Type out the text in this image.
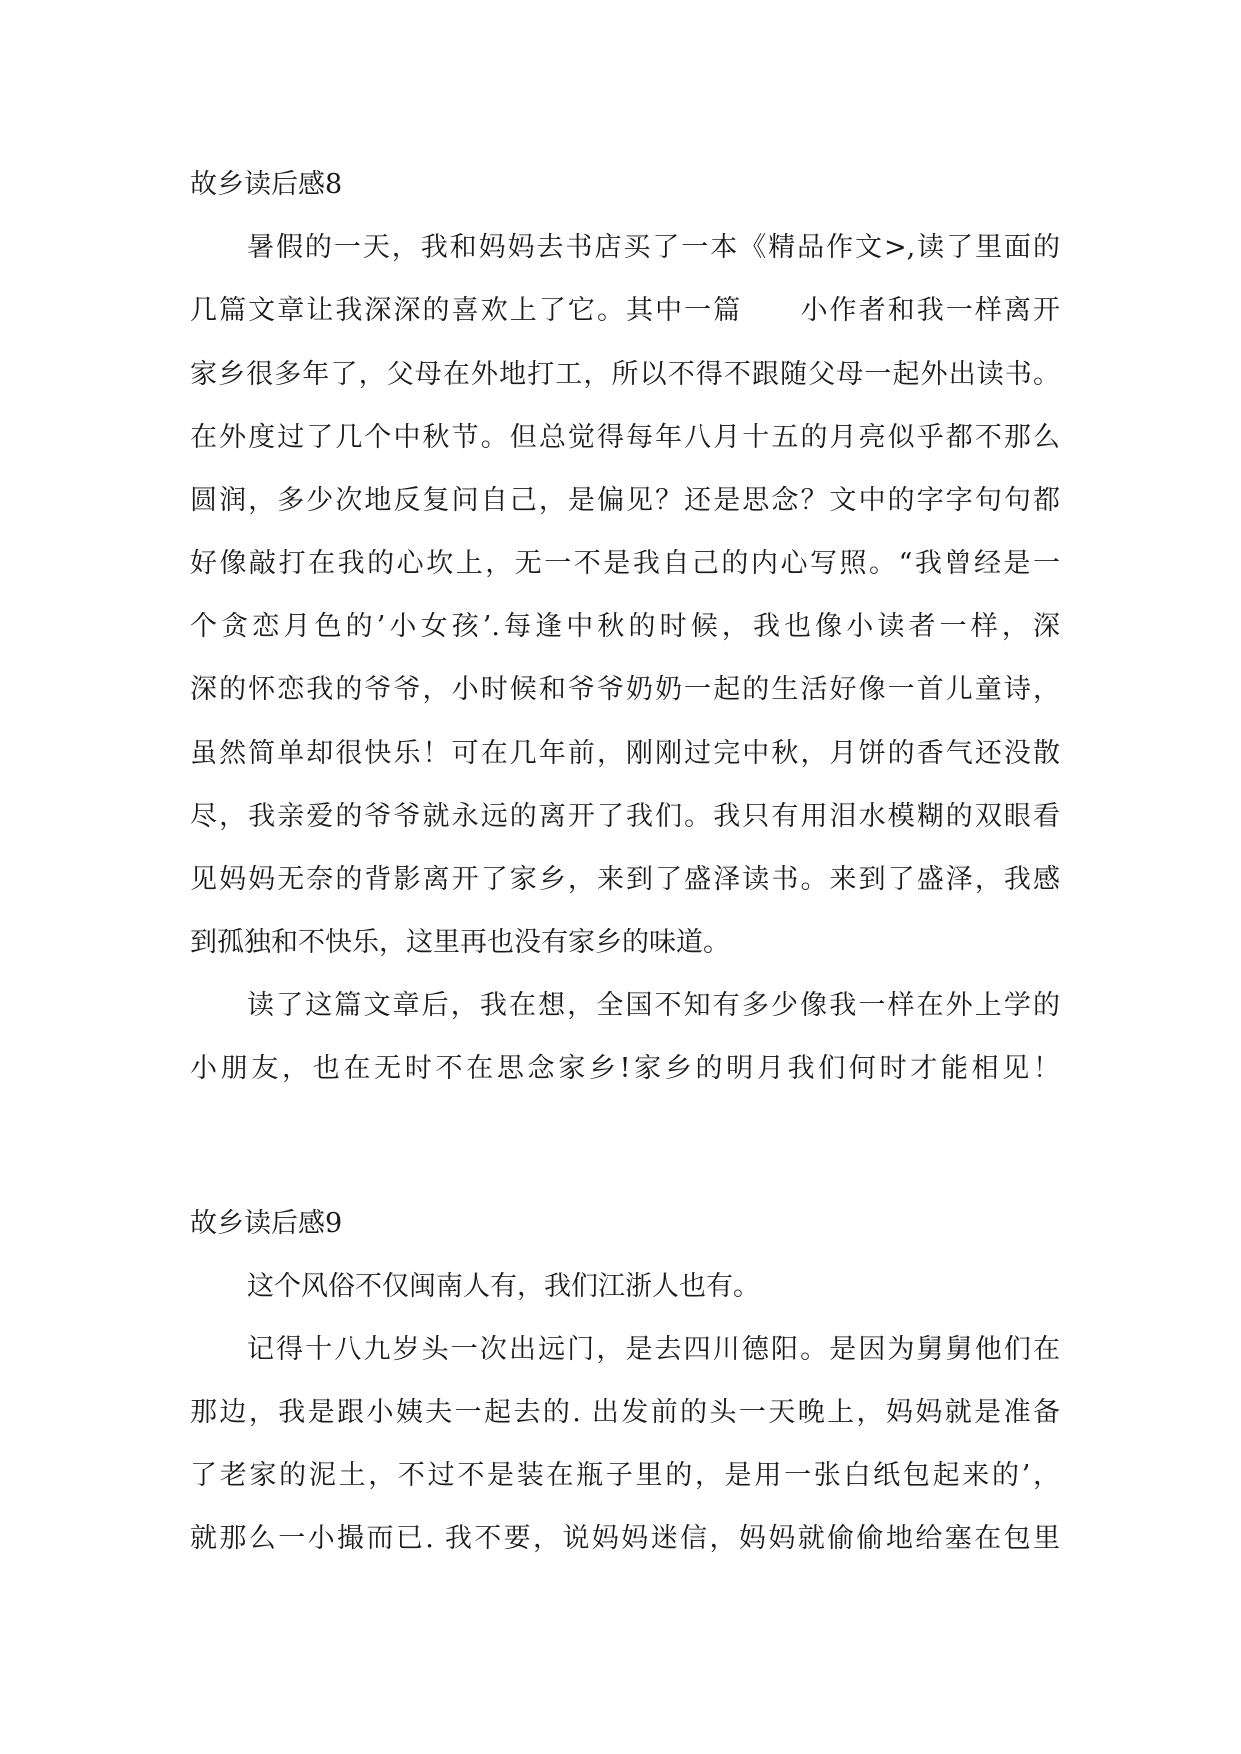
故乡读后感8
暑假的一天，我和妈妈去书店买了一本《精品作文>,读了里面的
几篇文章让我深深的喜欢上了它。其中一篇　　小作者和我一样离开
家乡很多年了，父母在外地打工，所以不得不跟随父母一起外出读书。
在外度过了几个中秋节。但总觉得每年八月十五的月亮似乎都不那么
圆润，多少次地反复问自己，是偏见？还是思念？文中的字字句句都
好像敲打在我的心坎上，无一不是我自己的内心写照。“我曾经是一
个贪恋月色的’小女孩’.每逢中秋的时候，我也像小读者一样，深
深的怀恋我的爷爷，小时候和爷爷奶奶一起的生活好像一首儿童诗，
虽然简单却很快乐！可在几年前，刚刚过完中秋，月饼的香气还没散
尽，我亲爱的爷爷就永远的离开了我们。我只有用泪水模糊的双眼看
见妈妈无奈的背影离开了家乡，来到了盛泽读书。来到了盛泽，我感
到孤独和不快乐，这里再也没有家乡的味道。
读了这篇文章后，我在想，全国不知有多少像我一样在外上学的
小朋友，也在无时不在思念家乡!家乡的明月我们何时才能相见！
故乡读后感9
这个风俗不仅闽南人有，我们江浙人也有。
记得十八九岁头一次出远门，是去四川德阳。是因为舅舅他们在
那边，我是跟小姨夫一起去的. 出发前的头一天晚上，妈妈就是准备
了老家的泥土，不过不是装在瓶子里的，是用一张白纸包起来的’，
就那么一小撮而已. 我不要，说妈妈迷信，妈妈就偷偷地给塞在包里
